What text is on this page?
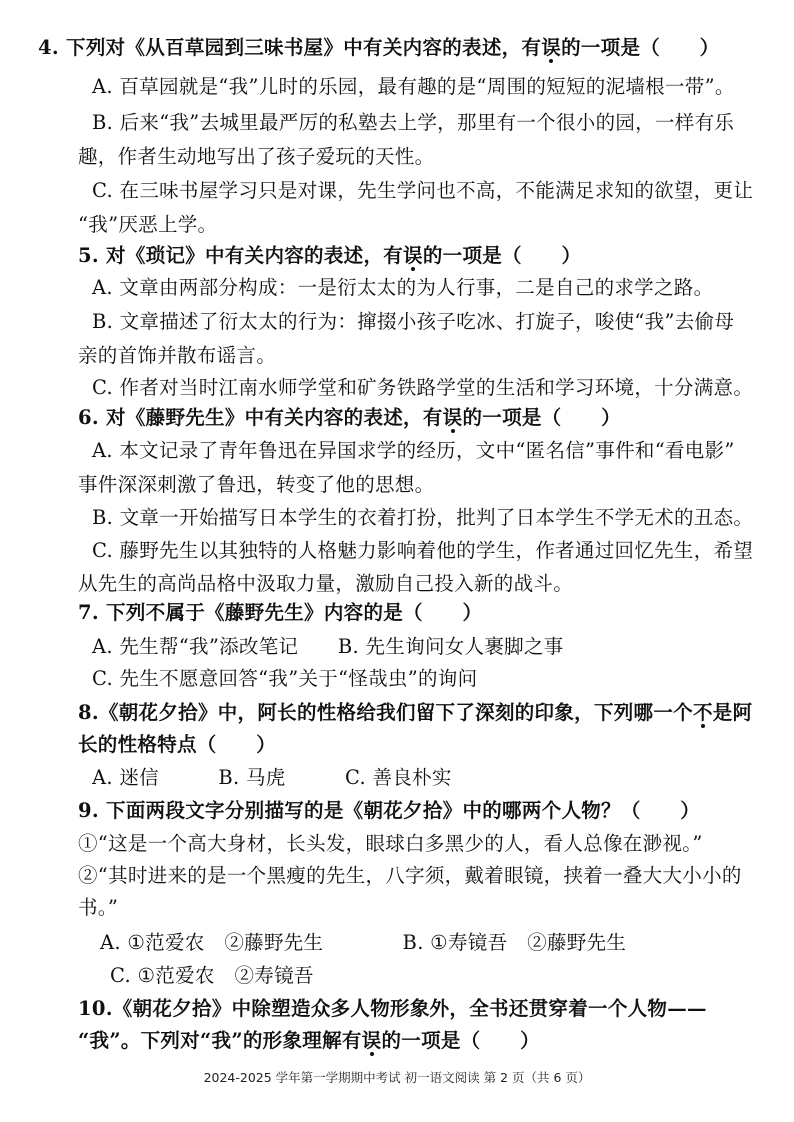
4. 下列对《从百草园到三味书屋》中有关内容的表述，有误的一项是（　　）
A. 百草园就是“我”儿时的乐园，最有趣的是“周围的短短的泥墙根一带”。
B. 后来“我”去城里最严厉的私塾去上学，那里有一个很小的园，一样有乐
趣，作者生动地写出了孩子爱玩的天性。
C. 在三味书屋学习只是对课，先生学问也不高，不能满足求知的欲望，更让
“我”厌恶上学。
5. 对《琐记》中有关内容的表述，有误的一项是（　　）
A. 文章由两部分构成：一是衍太太的为人行事，二是自己的求学之路。
B. 文章描述了衍太太的行为：撺掇小孩子吃冰、打旋子，唆使“我”去偷母
亲的首饰并散布谣言。
C. 作者对当时江南水师学堂和矿务铁路学堂的生活和学习环境，十分满意。
6. 对《藤野先生》中有关内容的表述，有误的一项是（　　）
A. 本文记录了青年鲁迅在异国求学的经历，文中“匿名信”事件和“看电影”
事件深深刺激了鲁迅，转变了他的思想。
B. 文章一开始描写日本学生的衣着打扮，批判了日本学生不学无术的丑态。
C. 藤野先生以其独特的人格魅力影响着他的学生，作者通过回忆先生，希望
从先生的高尚品格中汲取力量，激励自己投入新的战斗。
7. 下列不属于《藤野先生》内容的是（　　）
A. 先生帮“我”添改笔记　　B. 先生询问女人裹脚之事
C. 先生不愿意回答“我”关于“怪哉虫”的询问
8.《朝花夕拾》中，阿长的性格给我们留下了深刻的印象，下列哪一个不是阿
长的性格特点（　　）
A. 迷信　　　B. 马虎　　　C. 善良朴实
9. 下面两段文字分别描写的是《朝花夕拾》中的哪两个人物？（　　）
①“这是一个高大身材，长头发，眼球白多黑少的人，看人总像在渺视。”
②“其时进来的是一个黑瘦的先生，八字须，戴着眼镜，挟着一叠大大小小的
书。”
A. ①范爱农　②藤野先生　　　　B. ①寿镜吾　②藤野先生
C. ①范爱农　②寿镜吾
10.《朝花夕拾》中除塑造众多人物形象外，全书还贯穿着一个人物——
“我”。下列对“我”的形象理解有误的一项是（　　）
2024-2025 学年第一学期期中考试 初一语文阅读 第 2 页（共 6 页）
